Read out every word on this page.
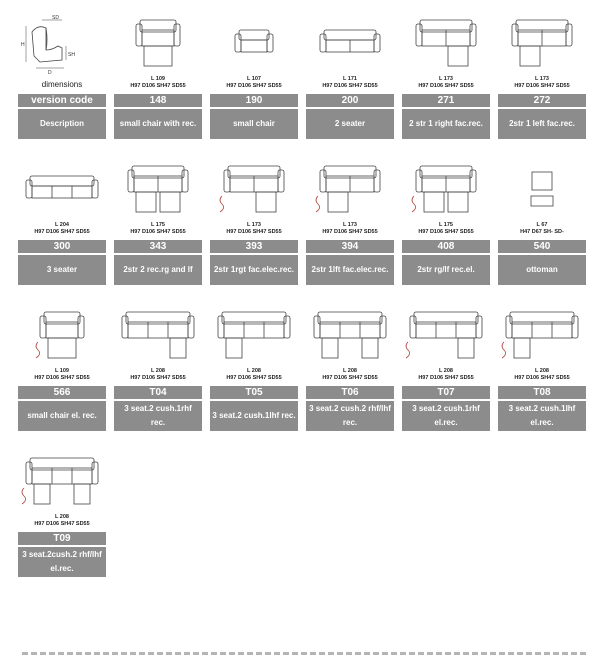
SD
H
SH
D
dimensions
version code
Description
L 109
H97 D106 SH47 SD55
148
small chair with rec.
L 107
H97 D106 SH47 SD55
190
small chair
L 171
H97 D106 SH47 SD55
200
2 seater
L 173
H97 D106 SH47 SD55
271
2 str 1 right fac.rec.
L 173
H97 D106 SH47 SD55
272
2str 1 left fac.rec.
L 204
H97 D106 SH47 SD55
300
3 seater
L 175
H97 D106 SH47 SD55
343
2str 2 rec.rg and lf
L 173
H97 D106 SH47 SD55
393
2str 1rgt fac.elec.rec.
L 173
H97 D106 SH47 SD55
394
2str 1lft fac.elec.rec.
L 175
H97 D106 SH47 SD55
408
2str rg/lf rec.el.
L 67
H47 D67 SH- SD-
540
ottoman
L 109
H97 D106 SH47 SD55
566
small chair el. rec.
L 208
H97 D106 SH47 SD55
T04
3 seat.2 cush.1rhf rec.
L 208
H97 D106 SH47 SD55
T05
3 seat.2 cush.1lhf rec.
L 208
H97 D106 SH47 SD55
T06
3 seat.2 cush.2 rhf/lhf rec.
L 208
H97 D106 SH47 SD55
T07
3 seat.2 cush.1rhf el.rec.
L 208
H97 D106 SH47 SD55
T08
3 seat.2 cush.1lhf el.rec.
L 208
H97 D106 SH47 SD55
T09
3 seat.2cush.2 rhf/lhf el.rec.
